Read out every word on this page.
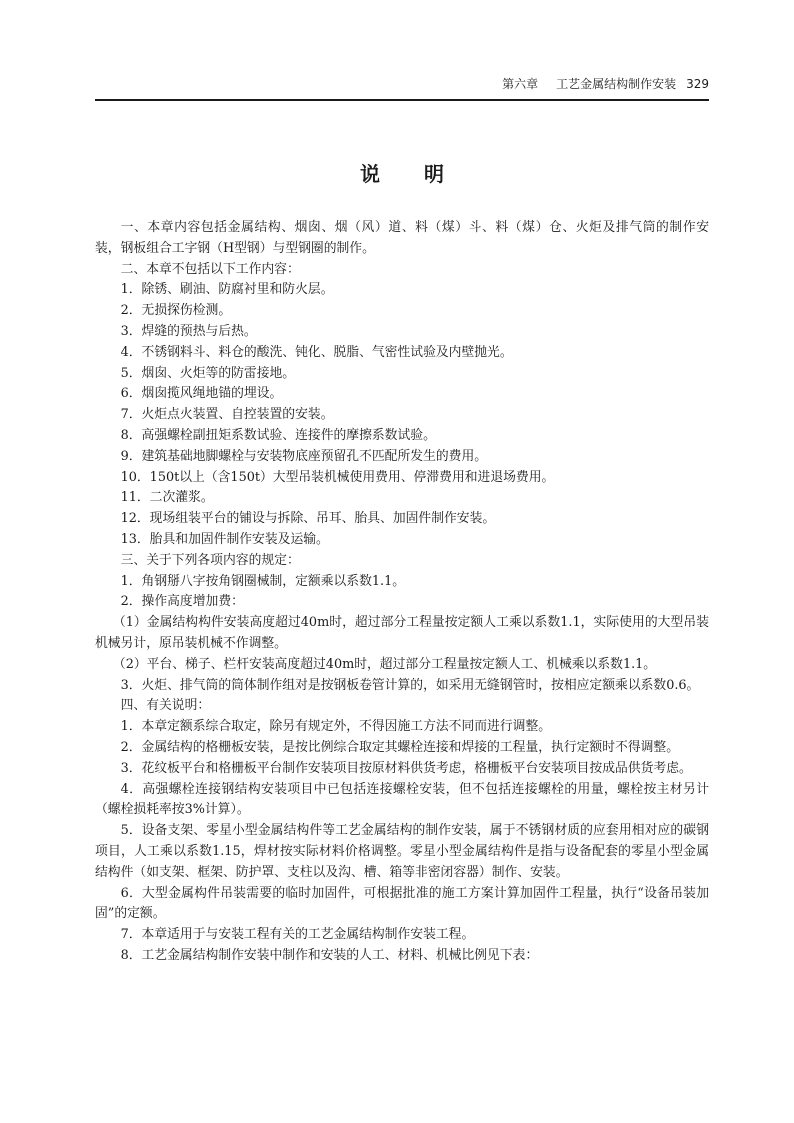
第六章 工艺金属结构制作安装 329
说 明

一、本章内容包括金属结构、烟囱、烟（风）道、料（煤）斗、料（煤）仓、火炬及排气筒的制作安装，钢板组合工字钢（H型钢）与型钢圈的制作。

二、本章不包括以下工作内容：

1．除锈、刷油、防腐衬里和防火层。

2．无损探伤检测。

3．焊缝的预热与后热。

4．不锈钢料斗、料仓的酸洗、钝化、脱脂、气密性试验及内壁抛光。

5．烟囱、火炬等的防雷接地。

6．烟囱揽风绳地锚的埋设。

7．火炬点火装置、自控装置的安装。

8．高强螺栓副扭矩系数试验、连接件的摩擦系数试验。

9．建筑基础地脚螺栓与安装物底座预留孔不匹配所发生的费用。

10．150t以上（含150t）大型吊装机械使用费用、停滞费用和进退场费用。

11．二次灌浆。

12．现场组装平台的铺设与拆除、吊耳、胎具、加固件制作安装。

13．胎具和加固件制作安装及运输。

三、关于下列各项内容的规定：

1．角钢掰八字按角钢圈械制，定额乘以系数1.1。

2．操作高度增加费：

（1）金属结构构件安装高度超过40m时，超过部分工程量按定额人工乘以系数1.1，实际使用的大型吊装机械另计，原吊装机械不作调整。

（2）平台、梯子、栏杆安装高度超过40m时，超过部分工程量按定额人工、机械乘以系数1.1。

3．火炬、排气筒的筒体制作组对是按钢板卷管计算的，如采用无缝钢管时，按相应定额乘以系数0.6。

四、有关说明：

1．本章定额系综合取定，除另有规定外，不得因施工方法不同而进行调整。

2．金属结构的格栅板安装，是按比例综合取定其螺栓连接和焊接的工程量，执行定额时不得调整。

3．花纹板平台和格栅板平台制作安装项目按原材料供货考虑，格栅板平台安装项目按成品供货考虑。

4．高强螺栓连接钢结构安装项目中已包括连接螺栓安装，但不包括连接螺栓的用量，螺栓按主材另计（螺栓损耗率按3%计算）。

5．设备支架、零星小型金属结构件等工艺金属结构的制作安装，属于不锈钢材质的应套用相对应的碳钢项目，人工乘以系数1.15，焊材按实际材料价格调整。零星小型金属结构件是指与设备配套的零星小型金属结构件（如支架、框架、防护罩、支柱以及沟、槽、箱等非密闭容器）制作、安装。

6．大型金属构件吊装需要的临时加固件，可根据批准的施工方案计算加固件工程量，执行“设备吊装加固”的定额。

7．本章适用于与安装工程有关的工艺金属结构制作安装工程。

8．工艺金属结构制作安装中制作和安装的人工、材料、机械比例见下表：
